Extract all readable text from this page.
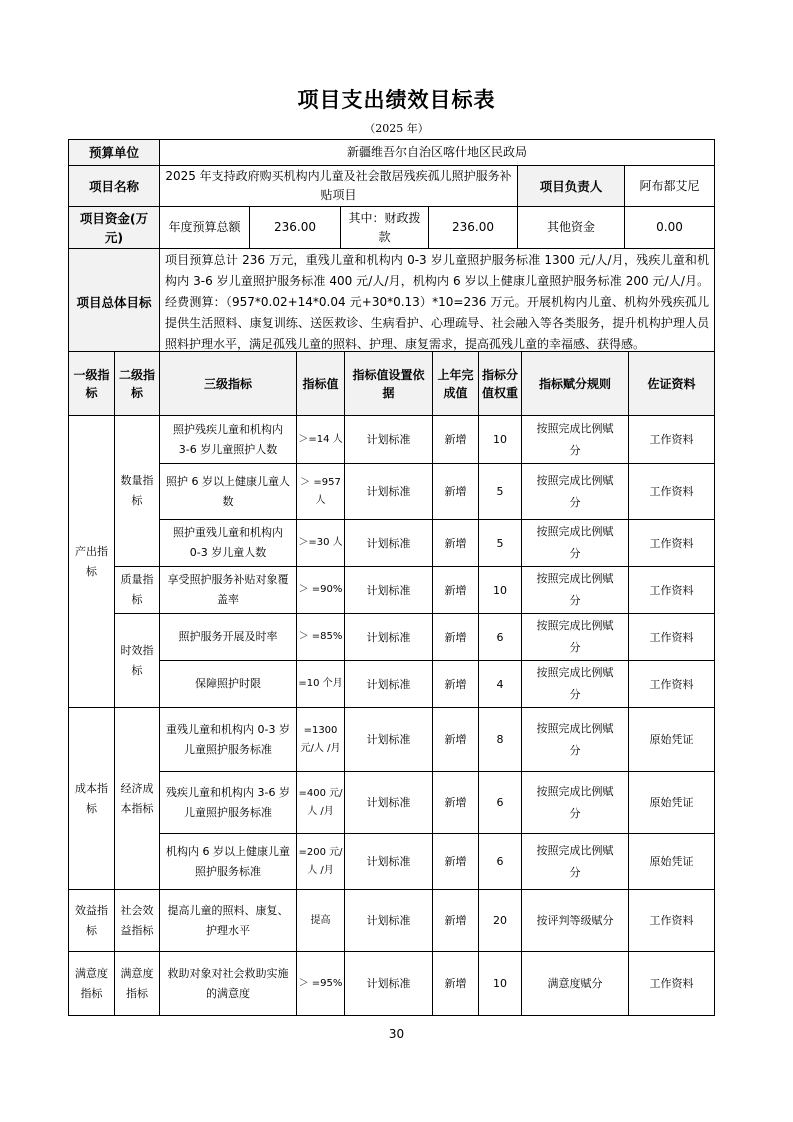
项目支出绩效目标表
（2025 年）
预算单位	新疆维吾尔自治区喀什地区民政局					
项目名称	2025 年支持政府购买机构内儿童及社会散居残疾孤儿照护服务补贴项目				项目负责人	阿布都艾尼
项目资金(万元)	年度预算总额	236.00	其中：财政拨款	236.00	其他资金	0.00
项目总体目标	项目预算总计 236 万元，重残儿童和机构内 0-3 岁儿童照护服务标准 1300 元/人/月，残疾儿童和机构内 3-6 岁儿童照护服务标准 400 元/人/月，机构内 6 岁以上健康儿童照护服务标准 200 元/人/月。经费测算：（957*0.02+14*0.04 元+30*0.13）*10=236 万元。开展机构内儿童、机构外残疾孤儿提供生活照料、康复训练、送医救诊、生病看护、心理疏导、社会融入等各类服务，提升机构护理人员照料护理水平，满足孤残儿童的照料、护理、康复需求，提高孤残儿童的幸福感、获得感。					
一级指标	二级指标	三级指标	指标值	指标值设置依据	上年完成值	指标分值权重	指标赋分规则	佐证资料
产出指标	数量指标	照护残疾儿童和机构内 3-6 岁儿童照护人数	＞=14 人	计划标准	新增	10	按照完成比例赋分	工作资料
		照护 6 岁以上健康儿童人数	＞ =957 人	计划标准	新增	5	按照完成比例赋分	工作资料
		照护重残儿童和机构内 0-3 岁儿童人数	＞=30 人	计划标准	新增	5	按照完成比例赋分	工作资料
	质量指标	享受照护服务补贴对象覆盖率	＞ =90%	计划标准	新增	10	按照完成比例赋分	工作资料
	时效指标	照护服务开展及时率	＞ =85%	计划标准	新增	6	按照完成比例赋分	工作资料
		保障照护时限	=10 个月	计划标准	新增	4	按照完成比例赋分	工作资料
成本指标	经济成本指标	重残儿童和机构内 0-3 岁儿童照护服务标准	=1300 元/人 /月	计划标准	新增	8	按照完成比例赋分	原始凭证
		残疾儿童和机构内 3-6 岁儿童照护服务标准	=400 元/人 /月	计划标准	新增	6	按照完成比例赋分	原始凭证
		机构内 6 岁以上健康儿童照护服务标准	=200 元/人 /月	计划标准	新增	6	按照完成比例赋分	原始凭证
效益指标	社会效益指标	提高儿童的照料、康复、护理水平	提高	计划标准	新增	20	按评判等级赋分	工作资料
满意度指标	满意度指标	救助对象对社会救助实施的满意度	＞ =95%	计划标准	新增	10	满意度赋分	工作资料
30
